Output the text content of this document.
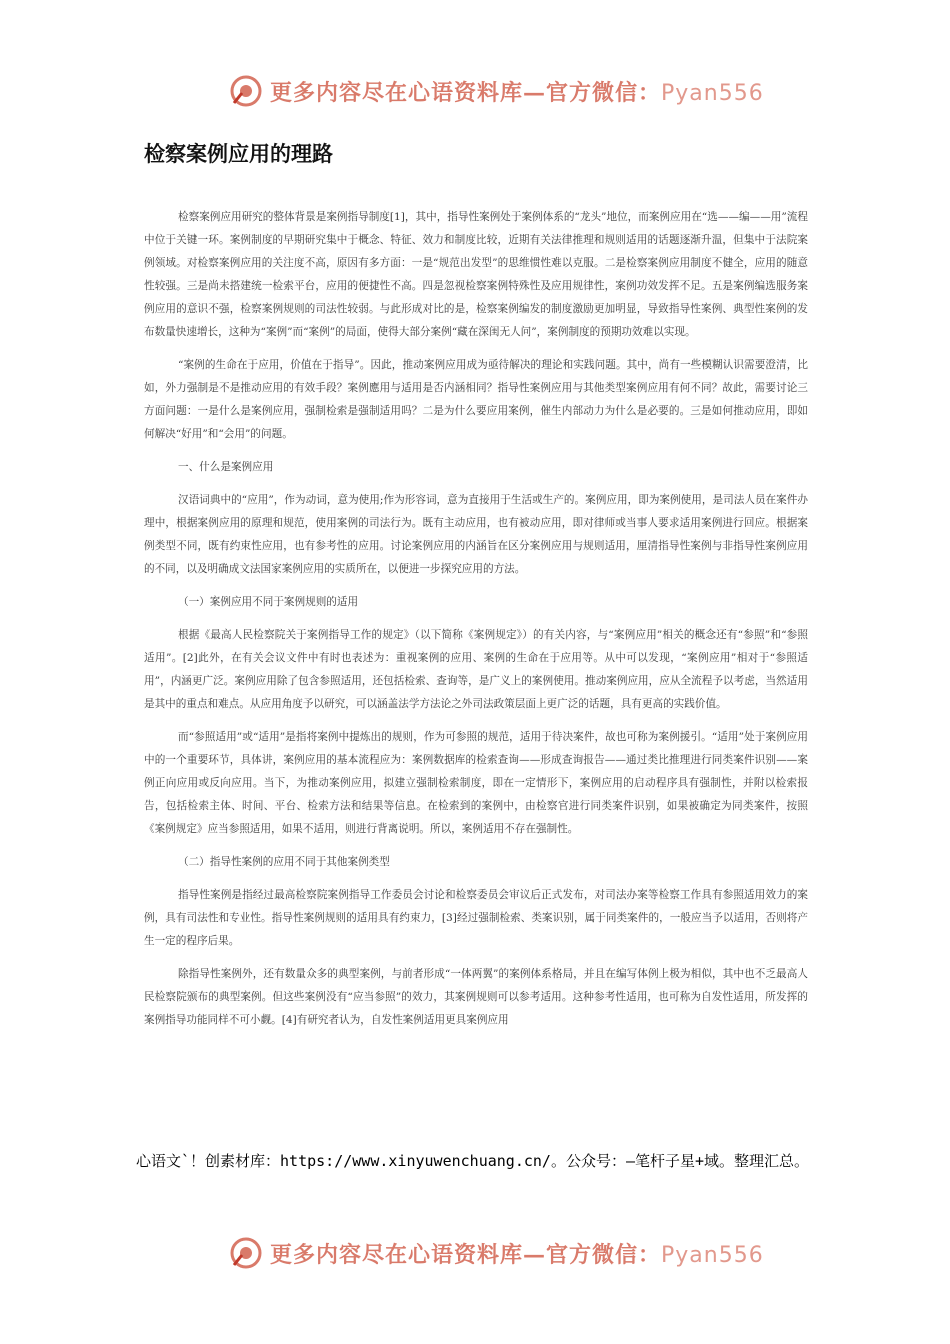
更多内容尽在心语资料库—官方微信：Pyan556
检察案例应用的理路

检察案例应用研究的整体背景是案例指导制度[1]，其中，指导性案例处于案例体系的“龙头”地位，而案例应用在“选——编——用”流程中位于关键一环。案例制度的早期研究集中于概念、特征、效力和制度比较，近期有关法律推理和规则适用的话题逐渐升温，但集中于法院案例领域。对检察案例应用的关注度不高，原因有多方面：一是“规范出发型”的思维惯性难以克服。二是检察案例应用制度不健全，应用的随意性较强。三是尚未搭建统一检索平台，应用的便捷性不高。四是忽视检察案例特殊性及应用规律性，案例功效发挥不足。五是案例编选服务案例应用的意识不强，检察案例规则的司法性较弱。与此形成对比的是，检察案例编发的制度激励更加明显，导致指导性案例、典型性案例的发布数量快速增长，这种为“案例”而“案例”的局面，使得大部分案例“藏在深闺无人问”，案例制度的预期功效难以实现。

“案例的生命在于应用，价值在于指导”。因此，推动案例应用成为亟待解决的理论和实践问题。其中，尚有一些模糊认识需要澄清，比如，外力强制是不是推动应用的有效手段？案例應用与适用是否内涵相同？指导性案例应用与其他类型案例应用有何不同？故此，需要讨论三方面问题：一是什么是案例应用，强制检索是强制适用吗？二是为什么要应用案例，催生内部动力为什么是必要的。三是如何推动应用，即如何解决“好用”和“会用”的问题。

一、什么是案例应用

汉语词典中的“应用”，作为动词，意为使用;作为形容词，意为直接用于生活或生产的。案例应用，即为案例使用，是司法人员在案件办理中，根据案例应用的原理和规范，使用案例的司法行为。既有主动应用，也有被动应用，即对律师或当事人要求适用案例进行回应。根据案例类型不同，既有约束性应用，也有参考性的应用。讨论案例应用的内涵旨在区分案例应用与规则适用，厘清指导性案例与非指导性案例应用的不同，以及明确成文法国家案例应用的实质所在，以便进一步探究应用的方法。

（一）案例应用不同于案例规则的适用

根据《最高人民检察院关于案例指导工作的规定》（以下简称《案例规定》）的有关内容，与“案例应用”相关的概念还有“参照”和“参照适用”。[2]此外，在有关会议文件中有时也表述为：重视案例的应用、案例的生命在于应用等。从中可以发现，“案例应用”相对于“参照适用”，内涵更广泛。案例应用除了包含参照适用，还包括检索、查询等，是广义上的案例使用。推动案例应用，应从全流程予以考虑，当然适用是其中的重点和难点。从应用角度予以研究，可以涵盖法学方法论之外司法政策层面上更广泛的话题，具有更高的实践价值。

而“参照适用”或“适用”是指将案例中提炼出的规则，作为可参照的规范，适用于待决案件，故也可称为案例援引。“适用”处于案例应用中的一个重要环节，具体讲，案例应用的基本流程应为：案例数据库的检索查询——形成查询报告——通过类比推理进行同类案件识别——案例正向应用或反向应用。当下，为推动案例应用，拟建立强制检索制度，即在一定情形下，案例应用的启动程序具有强制性，并附以检索报告，包括检索主体、时间、平台、检索方法和结果等信息。在检索到的案例中，由检察官进行同类案件识别，如果被确定为同类案件，按照《案例规定》应当参照适用，如果不适用，则进行背离说明。所以，案例适用不存在强制性。

（二）指导性案例的应用不同于其他案例类型

指导性案例是指经过最高检察院案例指导工作委员会讨论和检察委员会审议后正式发布，对司法办案等检察工作具有参照适用效力的案例，具有司法性和专业性。指导性案例规则的适用具有约束力，[3]经过强制检索、类案识别，属于同类案件的，一般应当予以适用，否则将产生一定的程序后果。

除指导性案例外，还有数量众多的典型案例，与前者形成“一体两翼”的案例体系格局，并且在编写体例上极为相似，其中也不乏最高人民检察院颁布的典型案例。但这些案例没有“应当参照”的效力，其案例规则可以参考适用。这种参考性适用，也可称为自发性适用，所发挥的案例指导功能同样不可小觑。[4]有研究者认为，自发性案例适用更具案例应用

心语文`！创素材库：https://www.xinyuwenchuang.cn/。公众号：—笔杆子星+域。整理汇总。
更多内容尽在心语资料库—官方微信：Pyan556
